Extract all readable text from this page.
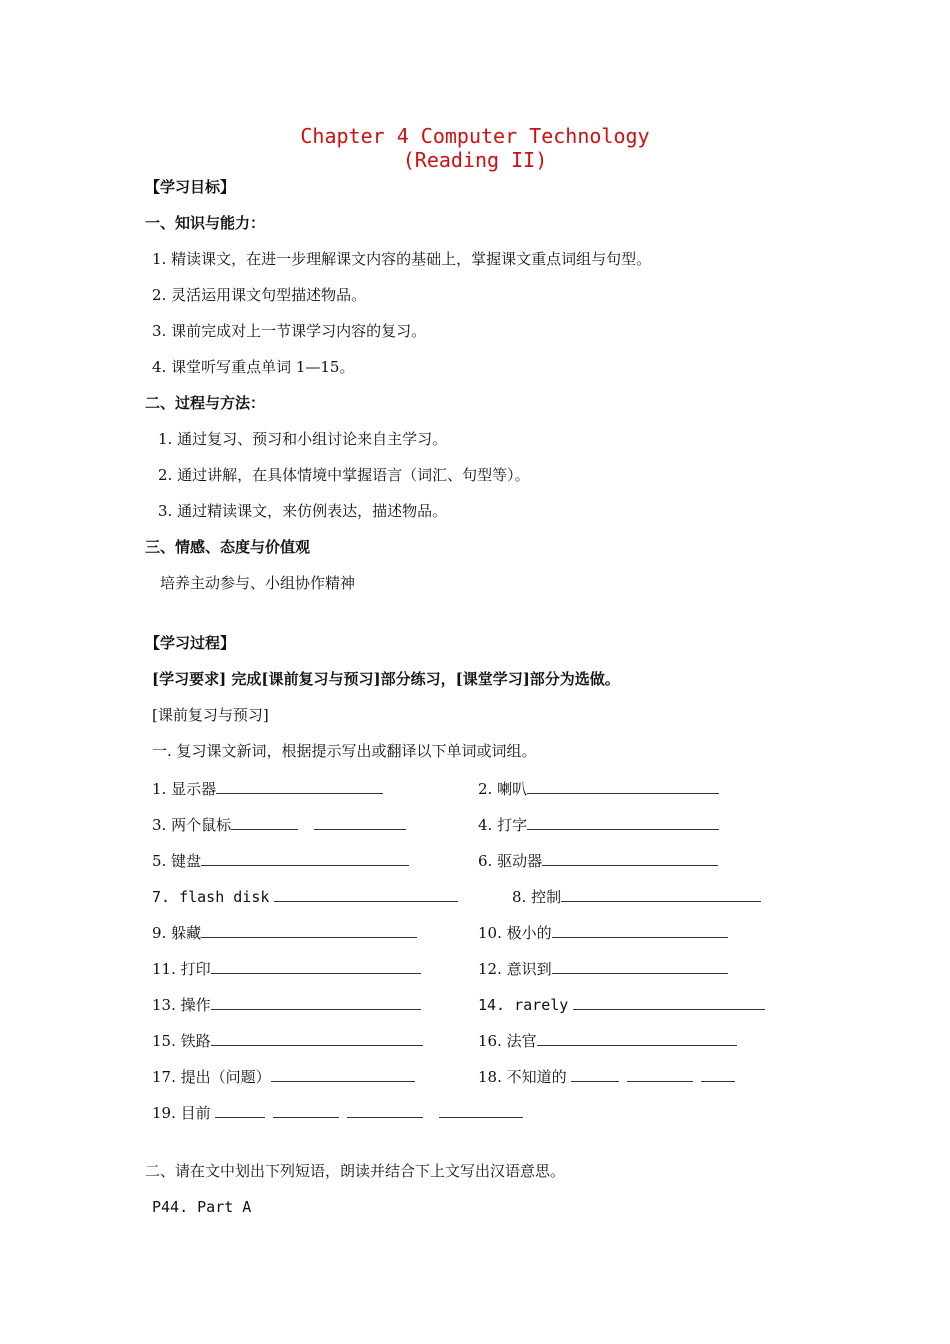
Chapter 4 Computer Technology
(Reading II)
【学习目标】
一、知识与能力：
1. 精读课文，在进一步理解课文内容的基础上，掌握课文重点词组与句型。
2. 灵活运用课文句型描述物品。
3. 课前完成对上一节课学习内容的复习。
4. 课堂听写重点单词 1—15。
二、过程与方法：
1. 通过复习、预习和小组讨论来自主学习。
2. 通过讲解，在具体情境中掌握语言（词汇、句型等）。
3. 通过精读课文，来仿例表达，描述物品。
三、情感、态度与价值观
培养主动参与、小组协作精神
【学习过程】
[学习要求] 完成[课前复习与预习]部分练习，[课堂学习]部分为选做。
[课前复习与预习]
一. 复习课文新词，根据提示写出或翻译以下单词或词组。
1. 显示器	2. 喇叭
3. 两个鼠标	4. 打字
5. 键盘	6. 驱动器
7. flash disk	8. 控制
9. 躲藏	10. 极小的
11. 打印	12. 意识到
13. 操作	14. rarely
15. 铁路	16. 法官
17. 提出（问题）	18. 不知道的
19. 目前
二、请在文中划出下列短语，朗读并结合下上文写出汉语意思。
P44. Part A
